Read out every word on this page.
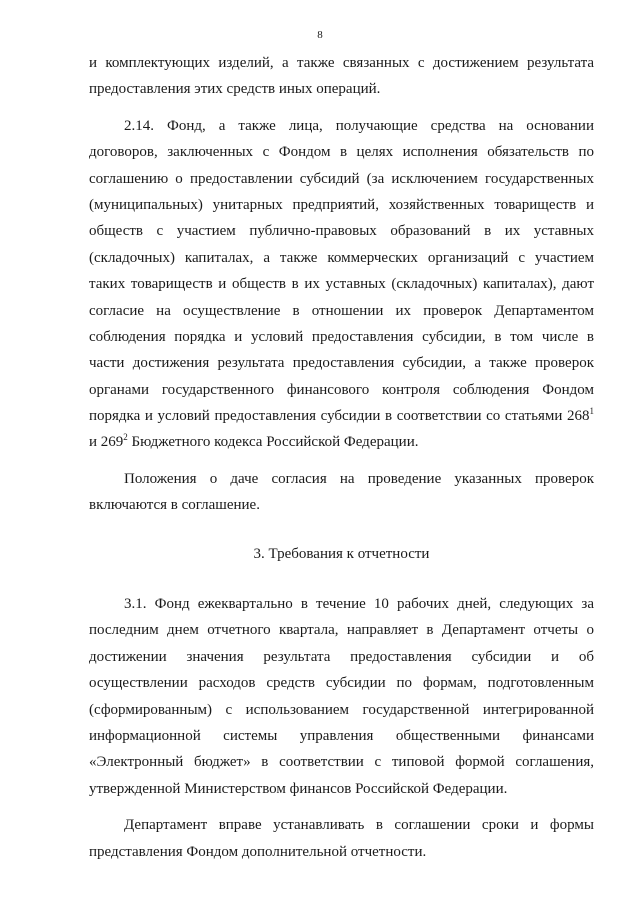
8
и комплектующих изделий, а также связанных с достижением результата
предоставления этих средств иных операций.
2.14. Фонд, а также лица, получающие средства на основании
договоров, заключенных с Фондом в целях исполнения обязательств по
соглашению о предоставлении субсидий (за исключением государственных
(муниципальных) унитарных предприятий, хозяйственных товариществ и
обществ с участием публично-правовых образований в их уставных
(складочных) капиталах, а также коммерческих организаций с участием
таких товариществ и обществ в их уставных (складочных) капиталах), дают
согласие на осуществление в отношении их проверок Департаментом
соблюдения порядка и условий предоставления субсидии, в том числе в
части достижения результата предоставления субсидии, а также проверок
органами государственного финансового контроля соблюдения Фондом
порядка и условий предоставления субсидии в соответствии со статьями $268^1$
и $269^2$ Бюджетного кодекса Российской Федерации.
Положения о даче согласия на проведение указанных проверок
включаются в соглашение.
3. Требования к отчетности
3.1. Фонд ежеквартально в течение 10 рабочих дней, следующих за
последним днем отчетного квартала, направляет в Департамент отчеты о
достижении значения результата предоставления субсидии и об
осуществлении расходов средств субсидии по формам, подготовленным
(сформированным) с использованием государственной интегрированной
информационной системы управления общественными финансами
«Электронный бюджет» в соответствии с типовой формой соглашения,
утвержденной Министерством финансов Российской Федерации.
Департамент вправе устанавливать в соглашении сроки и формы
представления Фондом дополнительной отчетности.
